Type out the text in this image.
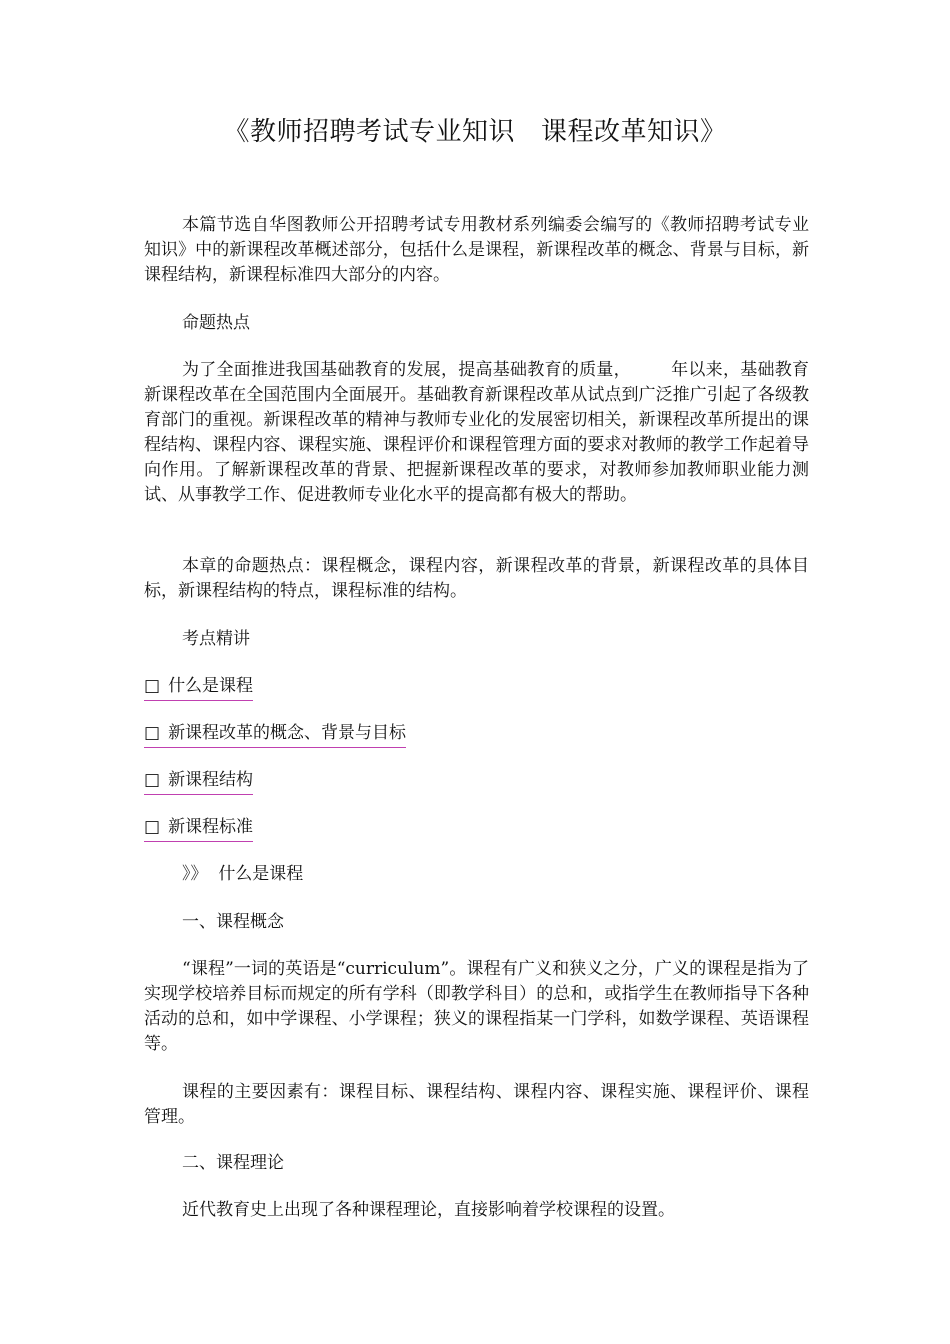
《教师招聘考试专业知识 课程改革知识》

本篇节选自华图教师公开招聘考试专用教材系列编委会编写的《教师招聘考试专业知识》中的新课程改革概述部分，包括什么是课程，新课程改革的概念、背景与目标，新课程结构，新课程标准四大部分的内容。

命题热点

为了全面推进我国基础教育的发展，提高基础教育的质量， 年以来，基础教育新课程改革在全国范围内全面展开。基础教育新课程改革从试点到广泛推广引起了各级教育部门的重视。新课程改革的精神与教师专业化的发展密切相关，新课程改革所提出的课程结构、课程内容、课程实施、课程评价和课程管理方面的要求对教师的教学工作起着导向作用。了解新课程改革的背景、把握新课程改革的要求，对教师参加教师职业能力测试、从事教学工作、促进教师专业化水平的提高都有极大的帮助。

本章的命题热点：课程概念，课程内容，新课程改革的背景，新课程改革的具体目标，新课程结构的特点，课程标准的结构。

考点精讲
□ 什么是课程
□ 新课程改革的概念、背景与目标
□ 新课程结构
□ 新课程标准
》》 什么是课程
一、课程概念

“课程”一词的英语是“curriculum”。课程有广义和狭义之分，广义的课程是指为了实现学校培养目标而规定的所有学科（即教学科目）的总和，或指学生在教师指导下各种活动的总和，如中学课程、小学课程；狭义的课程指某一门学科，如数学课程、英语课程等。

课程的主要因素有：课程目标、课程结构、课程内容、课程实施、课程评价、课程管理。

二、课程理论
近代教育史上出现了各种课程理论，直接影响着学校课程的设置。
